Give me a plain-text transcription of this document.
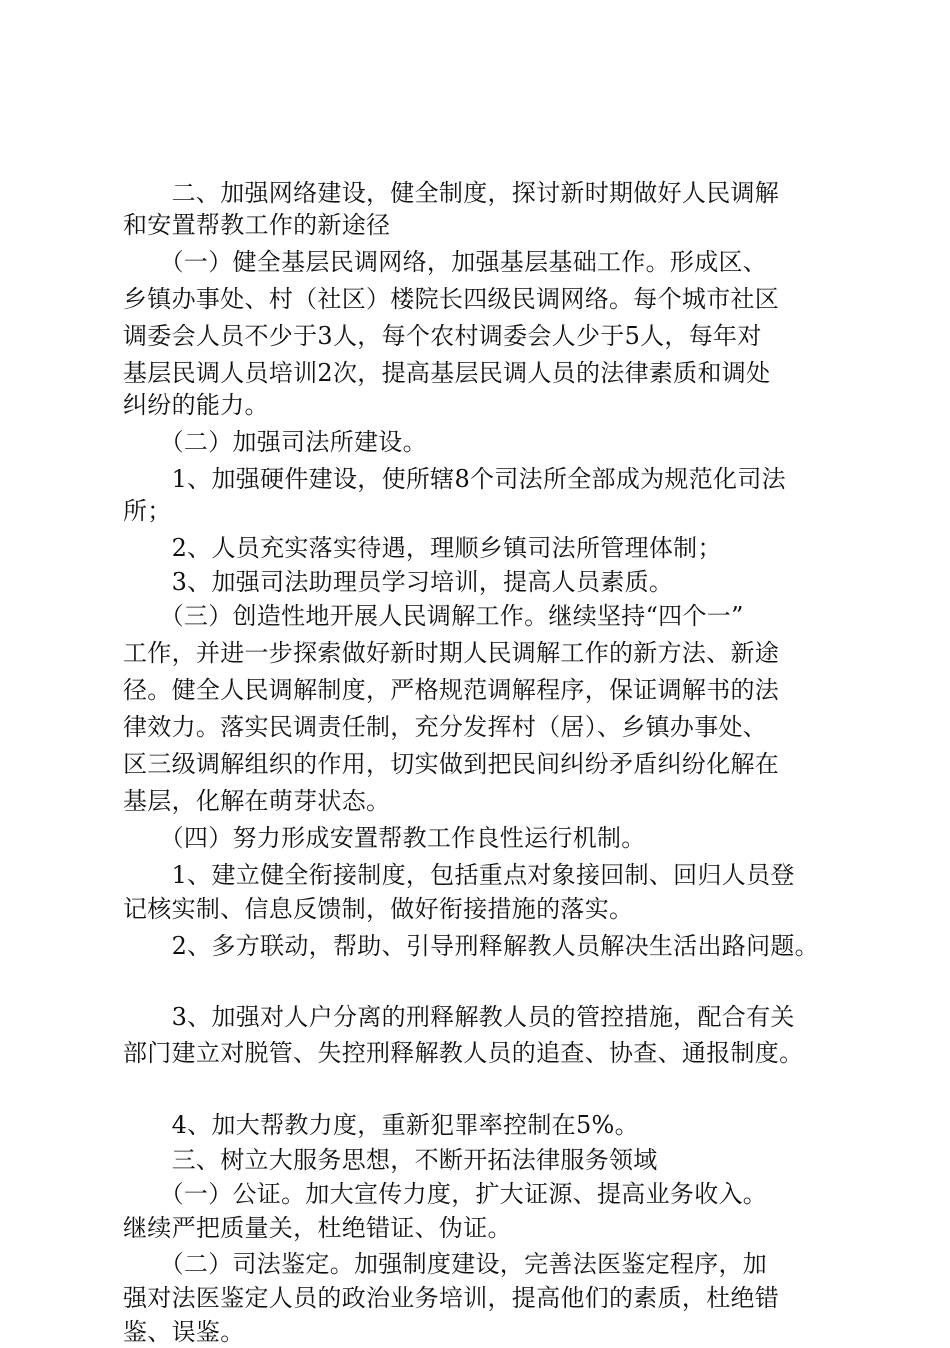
　　二、加强网络建设，健全制度，探讨新时期做好人民调解

和安置帮教工作的新途径

　　（一）健全基层民调网络，加强基层基础工作。形成区、

乡镇办事处、村（社区）楼院长四级民调网络。每个城市社区

调委会人员不少于3人，每个农村调委会人少于5人，每年对

基层民调人员培训2次，提高基层民调人员的法律素质和调处

纠纷的能力。

　　（二）加强司法所建设。

　　1、加强硬件建设，使所辖8个司法所全部成为规范化司法

所；

　　2、人员充实落实待遇，理顺乡镇司法所管理体制；

　　3、加强司法助理员学习培训，提高人员素质。

　　（三）创造性地开展人民调解工作。继续坚持“四个一”

工作，并进一步探索做好新时期人民调解工作的新方法、新途

径。健全人民调解制度，严格规范调解程序，保证调解书的法

律效力。落实民调责任制，充分发挥村（居）、乡镇办事处、

区三级调解组织的作用，切实做到把民间纠纷矛盾纠纷化解在

基层，化解在萌芽状态。

　　（四）努力形成安置帮教工作良性运行机制。

　　1、建立健全衔接制度，包括重点对象接回制、回归人员登

记核实制、信息反馈制，做好衔接措施的落实。

　　2、多方联动，帮助、引导刑释解教人员解决生活出路问题。

　　3、加强对人户分离的刑释解教人员的管控措施，配合有关

部门建立对脱管、失控刑释解教人员的追查、协查、通报制度。

　　4、加大帮教力度，重新犯罪率控制在5%。

　　三、树立大服务思想，不断开拓法律服务领域

　　（一）公证。加大宣传力度，扩大证源、提高业务收入。

继续严把质量关，杜绝错证、伪证。

　　（二）司法鉴定。加强制度建设，完善法医鉴定程序，加

强对法医鉴定人员的政治业务培训，提高他们的素质，杜绝错

鉴、误鉴。
